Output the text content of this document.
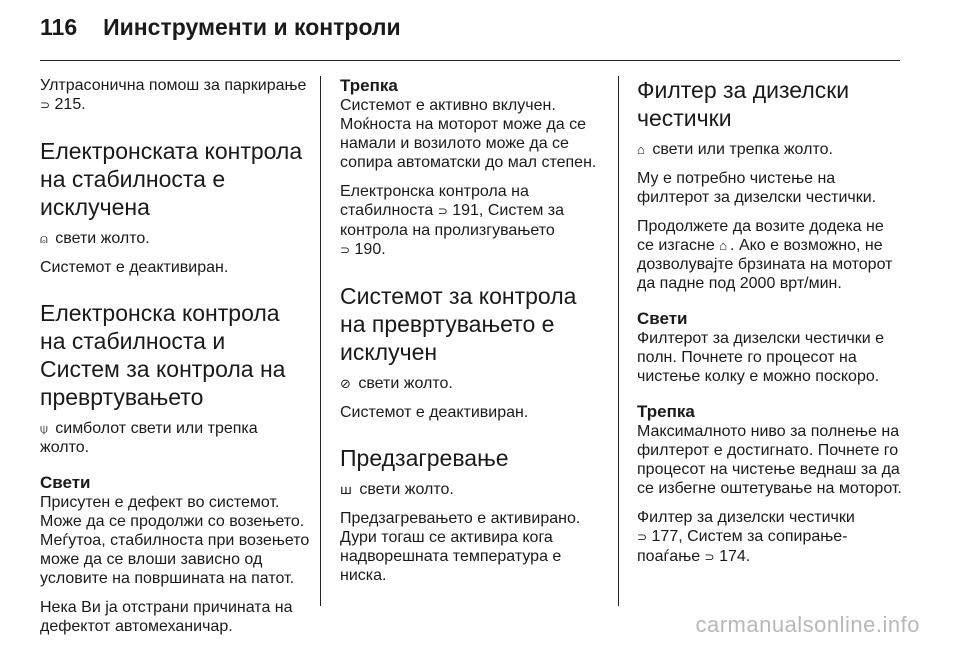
116 Иинструменти и контроли

Ултрасонична помош за паркирање ⊃ 215.

Електронската контрола на стабилноста е исклучена

⍝ свети жолто.

Системот е деактивиран.

Електронска контрола на стабилноста и Систем за контрола на превртувањето

⍦ симболот свети или трепка жолто.

Свети

Присутен е дефект во системот. Може да се продолжи со возењето. Меѓутоа, стабилноста при возењето може да се влоши зависно од условите на површината на патот.

Нека Ви ја отстрани причината на дефектот автомеханичар.

Трепка

Системот е активно вклучен. Моќноста на моторот може да се намали и возилото може да се сопира автоматски до мал степен.

Електронска контрола на стабилноста ⊃ 191, Систем за контрола на пролизгувањето
⊃ 190.

Системот за контрола на превртувањето е исклучен

⊘ свети жолто.

Системот е деактивиран.

Предзагревање

ꟺ свети жолто.

Предзагревањето е активирано. Дури тогаш се активира кога надворешната температура е ниска.

Филтер за дизелски честички

⌂ свети или трепка жолто.

Му е потребно чистење на филтерот за дизелски честички.

Продолжете да возите додека не се изгасне ⌂ . Ако е возможно, не дозволувајте брзината на моторот да падне под 2000 врт/мин.

Свети

Филтерот за дизелски честички е полн. Почнете го процесот на чистење колку е можно поскоро.

Трепка

Максималното ниво за полнење на филтерот е достигнато. Почнете го процесот на чистење веднаш за да се избегне оштетување на моторот.

Филтер за дизелски честички
⊃ 177, Систем за сопирање-
поаѓање ⊃ 174.

carmanualsonline.info
